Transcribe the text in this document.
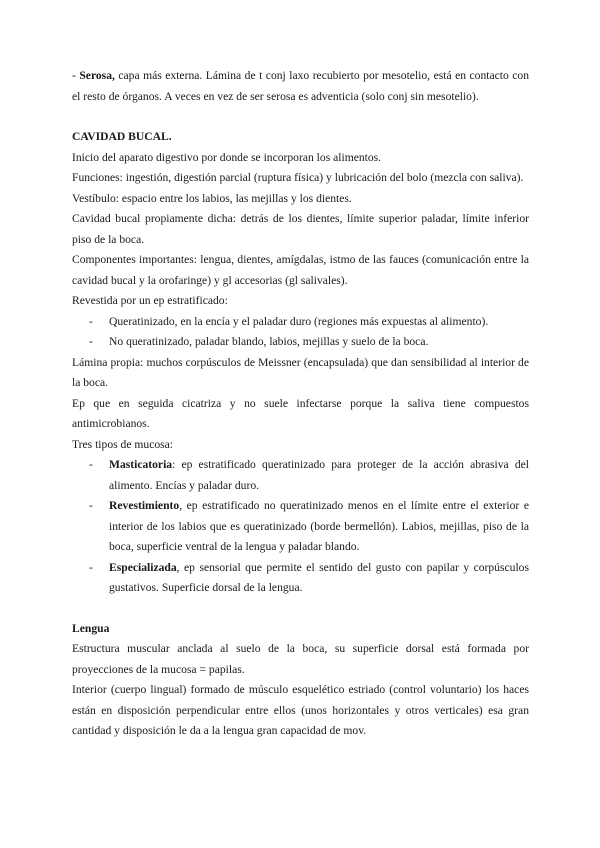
- Serosa, capa más externa. Lámina de t conj laxo recubierto por mesotelio, está en contacto con el resto de órganos. A veces en vez de ser serosa es adventicia (solo conj sin mesotelio).

CAVIDAD BUCAL.

Inicio del aparato digestivo por donde se incorporan los alimentos.

Funciones: ingestión, digestión parcial (ruptura física) y lubricación del bolo (mezcla con saliva).

Vestíbulo: espacio entre los labios, las mejillas y los dientes.

Cavidad bucal propiamente dicha: detrás de los dientes, límite superior paladar, límite inferior piso de la boca.

Componentes importantes: lengua, dientes, amígdalas, istmo de las fauces (comunicación entre la cavidad bucal y la orofaringe) y gl accesorias (gl salivales).

Revestida por un ep estratificado:

- Queratinizado, en la encía y el paladar duro (regiones más expuestas al alimento).
- No queratinizado, paladar blando, labios, mejillas y suelo de la boca.

Lámina propia: muchos corpúsculos de Meissner (encapsulada) que dan sensibilidad al interior de la boca.

Ep que en seguida cicatriza y no suele infectarse porque la saliva tiene compuestos antimicrobianos.

Tres tipos de mucosa:

- Masticatoria: ep estratificado queratinizado para proteger de la acción abrasiva del alimento. Encías y paladar duro.
- Revestimiento, ep estratificado no queratinizado menos en el límite entre el exterior e interior de los labios que es queratinizado (borde bermellón). Labios, mejillas, piso de la boca, superficie ventral de la lengua y paladar blando.
- Especializada, ep sensorial que permite el sentido del gusto con papilar y corpúsculos gustativos. Superficie dorsal de la lengua.
Lengua

Estructura muscular anclada al suelo de la boca, su superficie dorsal está formada por proyecciones de la mucosa = papilas.

Interior (cuerpo lingual) formado de músculo esquelético estriado (control voluntario) los haces están en disposición perpendicular entre ellos (unos horizontales y otros verticales) esa gran cantidad y disposición le da a la lengua gran capacidad de mov.
